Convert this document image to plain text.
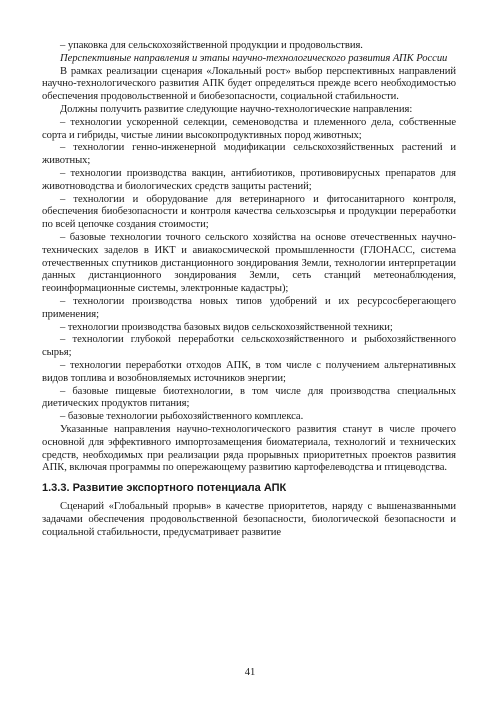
– упаковка для сельскохозяйственной продукции и продовольствия.

Перспективные направления и этапы научно-технологического развития АПК России

В рамках реализации сценария «Локальный рост» выбор перспективных направлений научно-технологического развития АПК будет определяться прежде всего необходимостью обеспечения продовольственной и биобезопасности, социальной стабильности.

Должны получить развитие следующие научно-технологические направления:

– технологии ускоренной селекции, семеноводства и племенного дела, собственные сорта и гибриды, чистые линии высокопродуктивных пород животных;

– технологии генно-инженерной модификации сельскохозяйственных растений и животных;

– технологии производства вакцин, антибиотиков, противовирусных препаратов для животноводства и биологических средств защиты растений;

– технологии и оборудование для ветеринарного и фитосанитарного контроля, обеспечения биобезопасности и контроля качества сельхозсырья и продукции переработки по всей цепочке создания стоимости;

– базовые технологии точного сельского хозяйства на основе отечественных научно-технических заделов в ИКТ и авиакосмической промышленности (ГЛОНАСС, система отечественных спутников дистанционного зондирования Земли, технологии интерпретации данных дистанционного зондирования Земли, сеть станций метеонаблюдения, геоинформационные системы, электронные кадастры);

– технологии производства новых типов удобрений и их ресурсосберегающего применения;

– технологии производства базовых видов сельскохозяйственной техники;

– технологии глубокой переработки сельскохозяйственного и рыбохозяйственного сырья;

– технологии переработки отходов АПК, в том числе с получением альтернативных видов топлива и возобновляемых источников энергии;

– базовые пищевые биотехнологии, в том числе для производства специальных диетических продуктов питания;

– базовые технологии рыбохозяйственного комплекса.

Указанные направления научно-технологического развития станут в числе прочего основной для эффективного импортозамещения биоматериала, технологий и технических средств, необходимых при реализации ряда прорывных приоритетных проектов развития АПК, включая программы по опережающему развитию картофелеводства и птицеводства.

1.3.3. Развитие экспортного потенциала АПК

Сценарий «Глобальный прорыв» в качестве приоритетов, наряду с вышеназванными задачами обеспечения продовольственной безопасности, биологической безопасности и социальной стабильности, предусматривает развитие

41
